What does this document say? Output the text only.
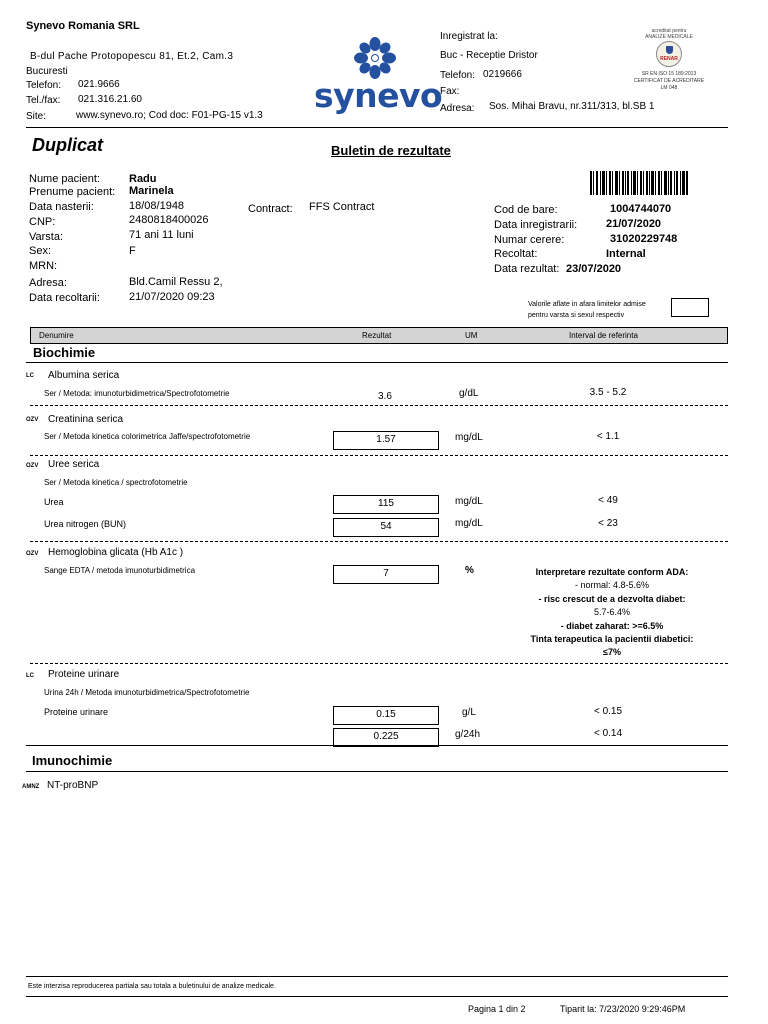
Synevo Romania SRL
B-dul Pache Protopopescu 81, Et.2, Cam.3
Bucuresti
Telefon: 021.9666
Tel./fax: 021.316.21.60
Site:	www.synevo.ro; Cod doc: F01-PG-15 v1.3
synevo
Inregistrat la:
Buc - Receptie Dristor
Telefon: 0219666
Fax:
Adresa: Sos. Mihai Bravu, nr.311/313, bl.SB 1
acreditat pentru
ANALIZE MEDICALE
RENAR
SR EN ISO 15 189:2013
CERTIFICAT DE ACREDITARE
LM 048
Duplicat	Buletin de rezultate
Nume pacient:	Radu
Prenume pacient: Marinela
Data nasterii:	18/08/1948	Contract: FFS Contract
CNP:	2480818400026
Varsta:	71 ani 11 luni
Sex:	F
MRN:
Adresa:	Bld.Camil Ressu 2,
Data recoltarii:	21/07/2020 09:23
Cod de bare:	1004744070
Data inregistrarii:	21/07/2020
Numar cerere:	31020229748
Recoltat:	Internal
Data rezultat: 23/07/2020
Valorile aflate in afara limitelor admise
pentru varsta si sexul respectiv
Denumire	Rezultat	UM	Interval de referinta
Biochimie
LC Albumina serica
Ser / Metoda: imunoturbidimetrica/Spectrofotometrie	3.6	g/dL	3.5 - 5.2
OZV Creatinina serica
Ser / Metoda kinetica colorimetrica Jaffe/spectrofotometrie	1.57	mg/dL	< 1.1
OZV Uree serica
Ser / Metoda kinetica / spectrofotometrie
Urea	115	mg/dL	< 49
Urea nitrogen (BUN)	54	mg/dL	< 23
OZV Hemoglobina glicata (Hb A1c )
Sange EDTA / metoda imunoturbidimetrica	7	%	Interpretare rezultate conform ADA:
- normal: 4.8-5.6%
- risc crescut de a dezvolta diabet:
5.7-6.4%
- diabet zaharat: >=6.5%
Tinta terapeutica la pacientii diabetici:
≤7%
LC Proteine urinare
Urina 24h / Metoda imunoturbidimetrica/Spectrofotometrie
Proteine urinare	0.15	g/L	< 0.15
0.225	g/24h	< 0.14
Imunochimie
AMNZ NT-proBNP
Este interzisa reproducerea partiala sau totala a buletinului de analize medicale.
Pagina 1 din 2	Tiparit la: 7/23/2020 9:29:46PM
